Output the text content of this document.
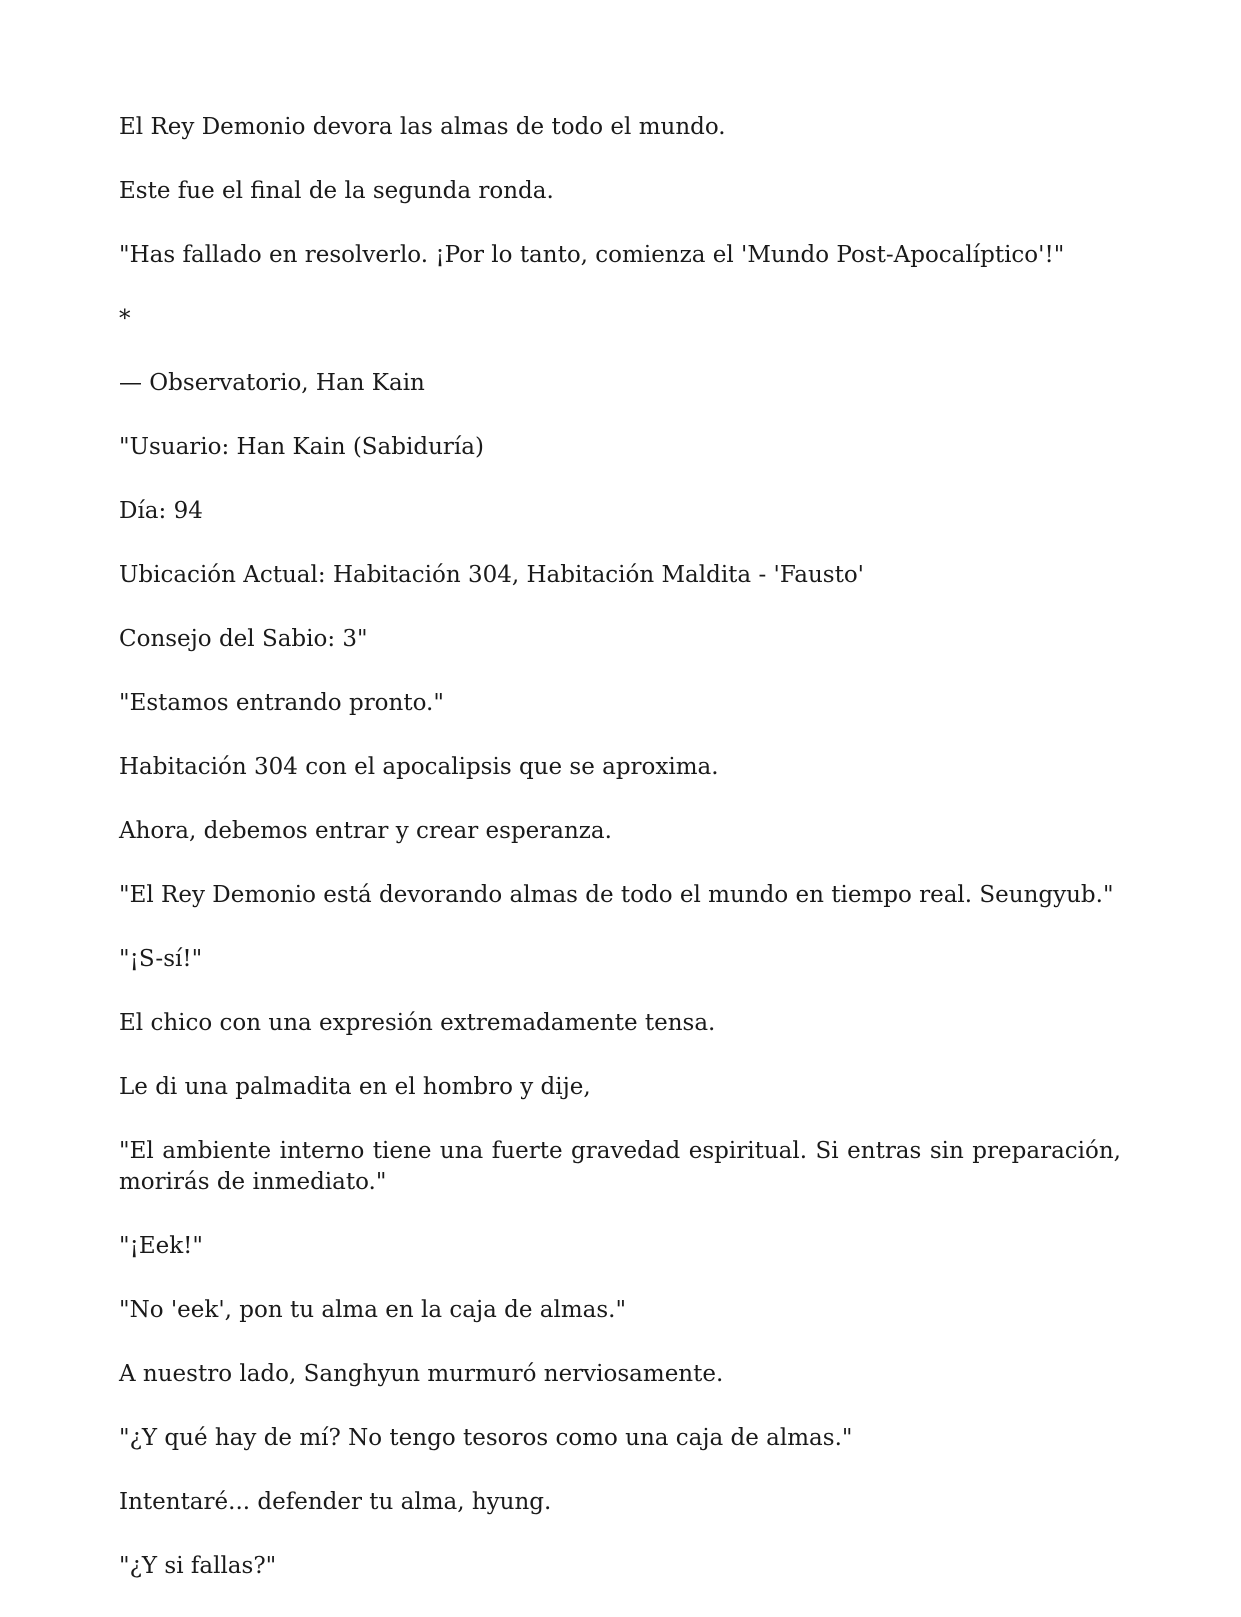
El Rey Demonio devora las almas de todo el mundo.

Este fue el final de la segunda ronda.

"Has fallado en resolverlo. ¡Por lo tanto, comienza el 'Mundo Post-Apocalíptico'!"

*

— Observatorio, Han Kain

"Usuario: Han Kain (Sabiduría)

Día: 94

Ubicación Actual: Habitación 304, Habitación Maldita - 'Fausto'

Consejo del Sabio: 3"

"Estamos entrando pronto."

Habitación 304 con el apocalipsis que se aproxima.

Ahora, debemos entrar y crear esperanza.

"El Rey Demonio está devorando almas de todo el mundo en tiempo real. Seungyub."

"¡S-sí!"

El chico con una expresión extremadamente tensa.

Le di una palmadita en el hombro y dije,

"El ambiente interno tiene una fuerte gravedad espiritual. Si entras sin preparación, morirás de inmediato."

"¡Eek!"

"No 'eek', pon tu alma en la caja de almas."

A nuestro lado, Sanghyun murmuró nerviosamente.

"¿Y qué hay de mí? No tengo tesoros como una caja de almas."

Intentaré... defender tu alma, hyung.

"¿Y si fallas?"
